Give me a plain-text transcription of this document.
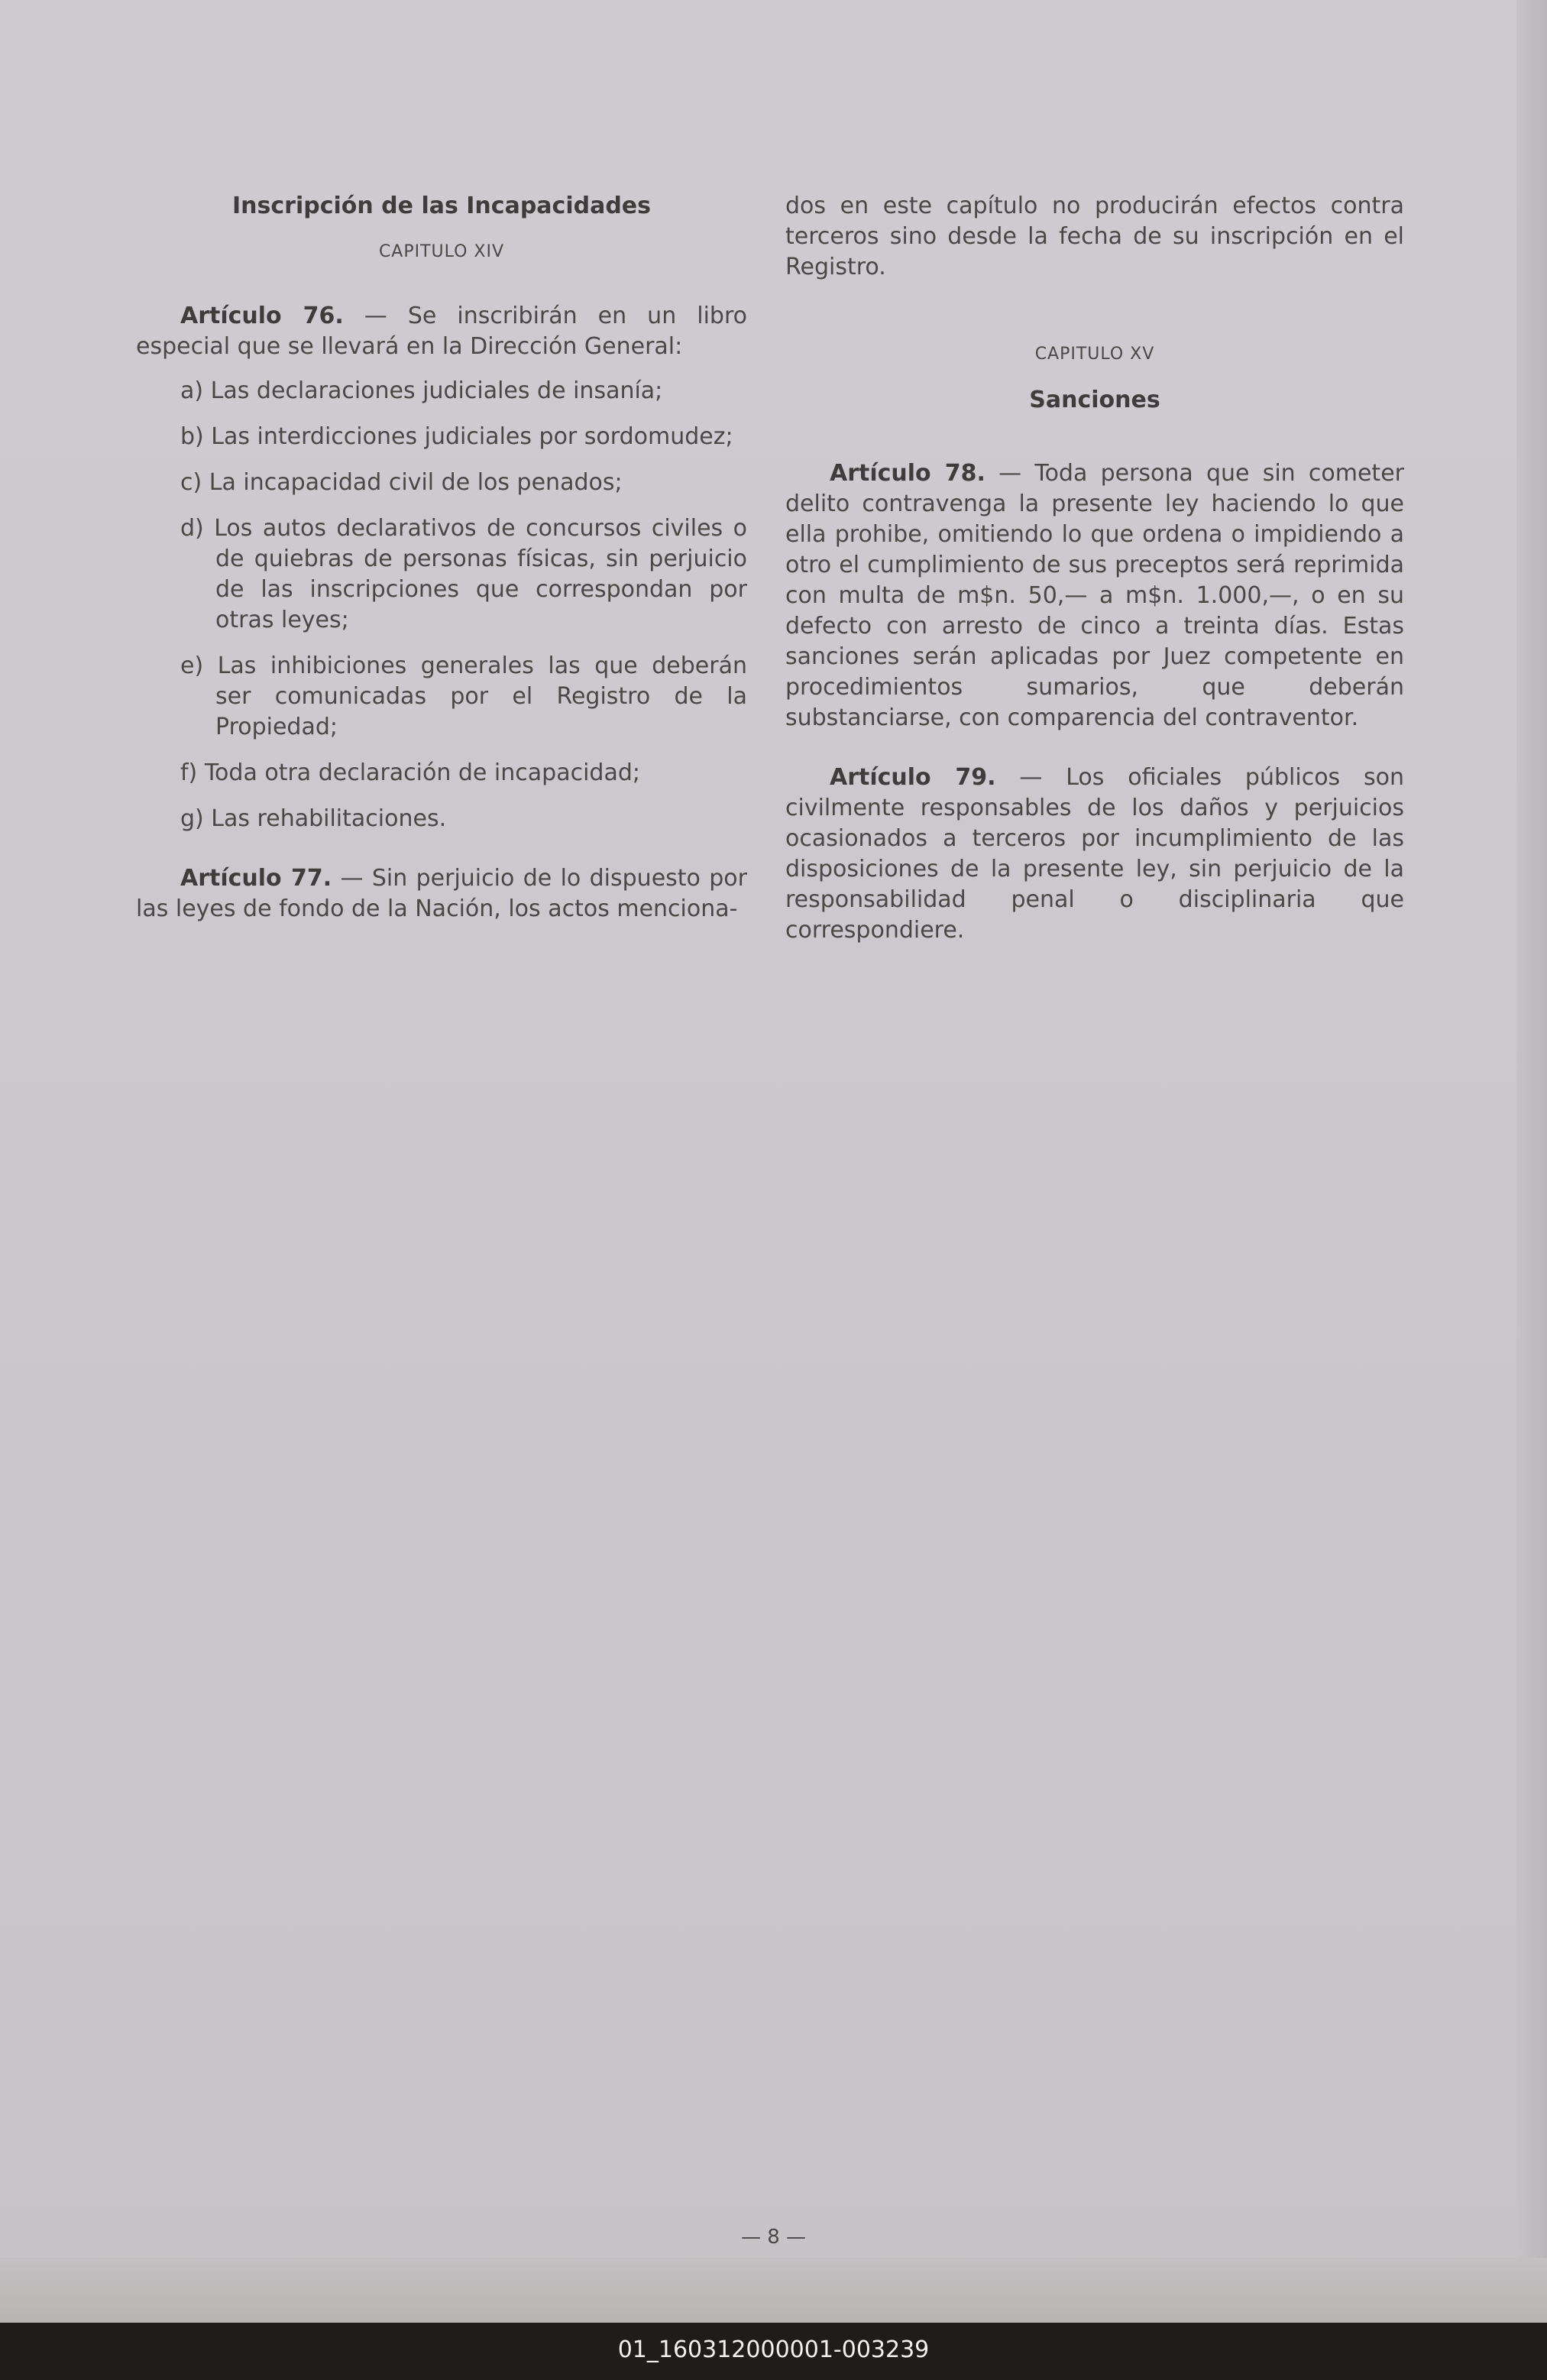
Inscripción de las Incapacidades

CAPITULO XIV

Artículo 76. — Se inscribirán en un libro especial que se llevará en la Dirección General:

a) Las declaraciones judiciales de insanía;

b) Las interdicciones judiciales por sordomudez;

c) La incapacidad civil de los penados;

d) Los autos declarativos de concursos civiles o de quiebras de personas físicas, sin perjuicio de las inscripciones que correspondan por otras leyes;

e) Las inhibiciones generales las que deberán ser comunicadas por el Registro de la Propiedad;

f) Toda otra declaración de incapacidad;

g) Las rehabilitaciones.

Artículo 77. — Sin perjuicio de lo dispuesto por las leyes de fondo de la Nación, los actos menciona-

dos en este capítulo no producirán efectos contra terceros sino desde la fecha de su inscripción en el Registro.

CAPITULO XV

Sanciones

Artículo 78. — Toda persona que sin cometer delito contravenga la presente ley haciendo lo que ella prohibe, omitiendo lo que ordena o impidiendo a otro el cumplimiento de sus preceptos será reprimida con multa de m$n. 50,— a m$n. 1.000,—, o en su defecto con arresto de cinco a treinta días. Estas sanciones serán aplicadas por Juez competente en procedimientos sumarios, que deberán substanciarse, con comparencia del contraventor.

Artículo 79. — Los oficiales públicos son civilmente responsables de los daños y perjuicios ocasionados a terceros por incumplimiento de las disposiciones de la presente ley, sin perjuicio de la responsabilidad penal o disciplinaria que correspondiere.

— 8 —
01_160312000001-003239
